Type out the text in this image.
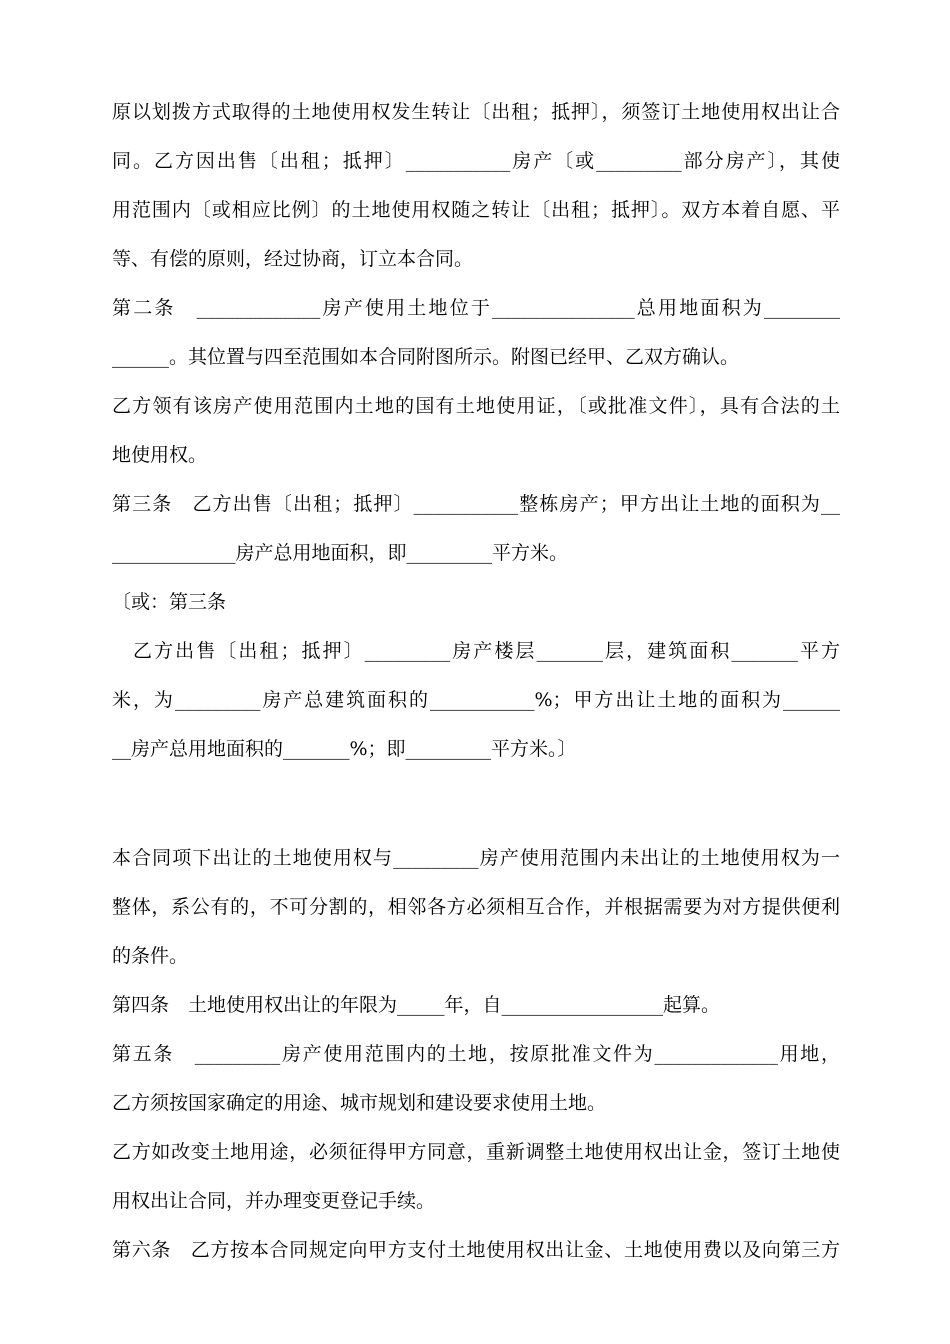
原以划拨方式取得的土地使用权发生转让〔出租；抵押〕，须签订土地使用权出让合
同。乙方因出售〔出租；抵押〕___________房产〔或_________部分房产〕，其使
用范围内〔或相应比例〕的土地使用权随之转让〔出租；抵押〕。双方本着自愿、平
等、有偿的原则，经过协商，订立本合同。
第二条　_____________房产使用土地位于_______________总用地面积为________
______。其位置与四至范围如本合同附图所示。附图已经甲、乙双方确认。
乙方领有该房产使用范围内土地的国有土地使用证，〔或批准文件〕，具有合法的土
地使用权。
第三条　乙方出售〔出租；抵押〕___________整栋房产；甲方出让土地的面积为__
_____________房产总用地面积，即_________平方米。
〔或：第三条
　乙方出售〔出租；抵押〕_________房产楼层_______层，建筑面积_______平方
米，为_________房产总建筑面积的___________%；甲方出让土地的面积为______
__房产总用地面积的_______%；即_________平方米。〕
本合同项下出让的土地使用权与_________房产使用范围内未出让的土地使用权为一
整体，系公有的，不可分割的，相邻各方必须相互合作，并根据需要为对方提供便利
的条件。
第四条　土地使用权出让的年限为_____年，自_________________起算。
第五条　_________房产使用范围内的土地，按原批准文件为_____________用地，
乙方须按国家确定的用途、城市规划和建设要求使用土地。
乙方如改变土地用途，必须征得甲方同意，重新调整土地使用权出让金，签订土地使
用权出让合同，并办理变更登记手续。
第六条　乙方按本合同规定向甲方支付土地使用权出让金、土地使用费以及向第三方
